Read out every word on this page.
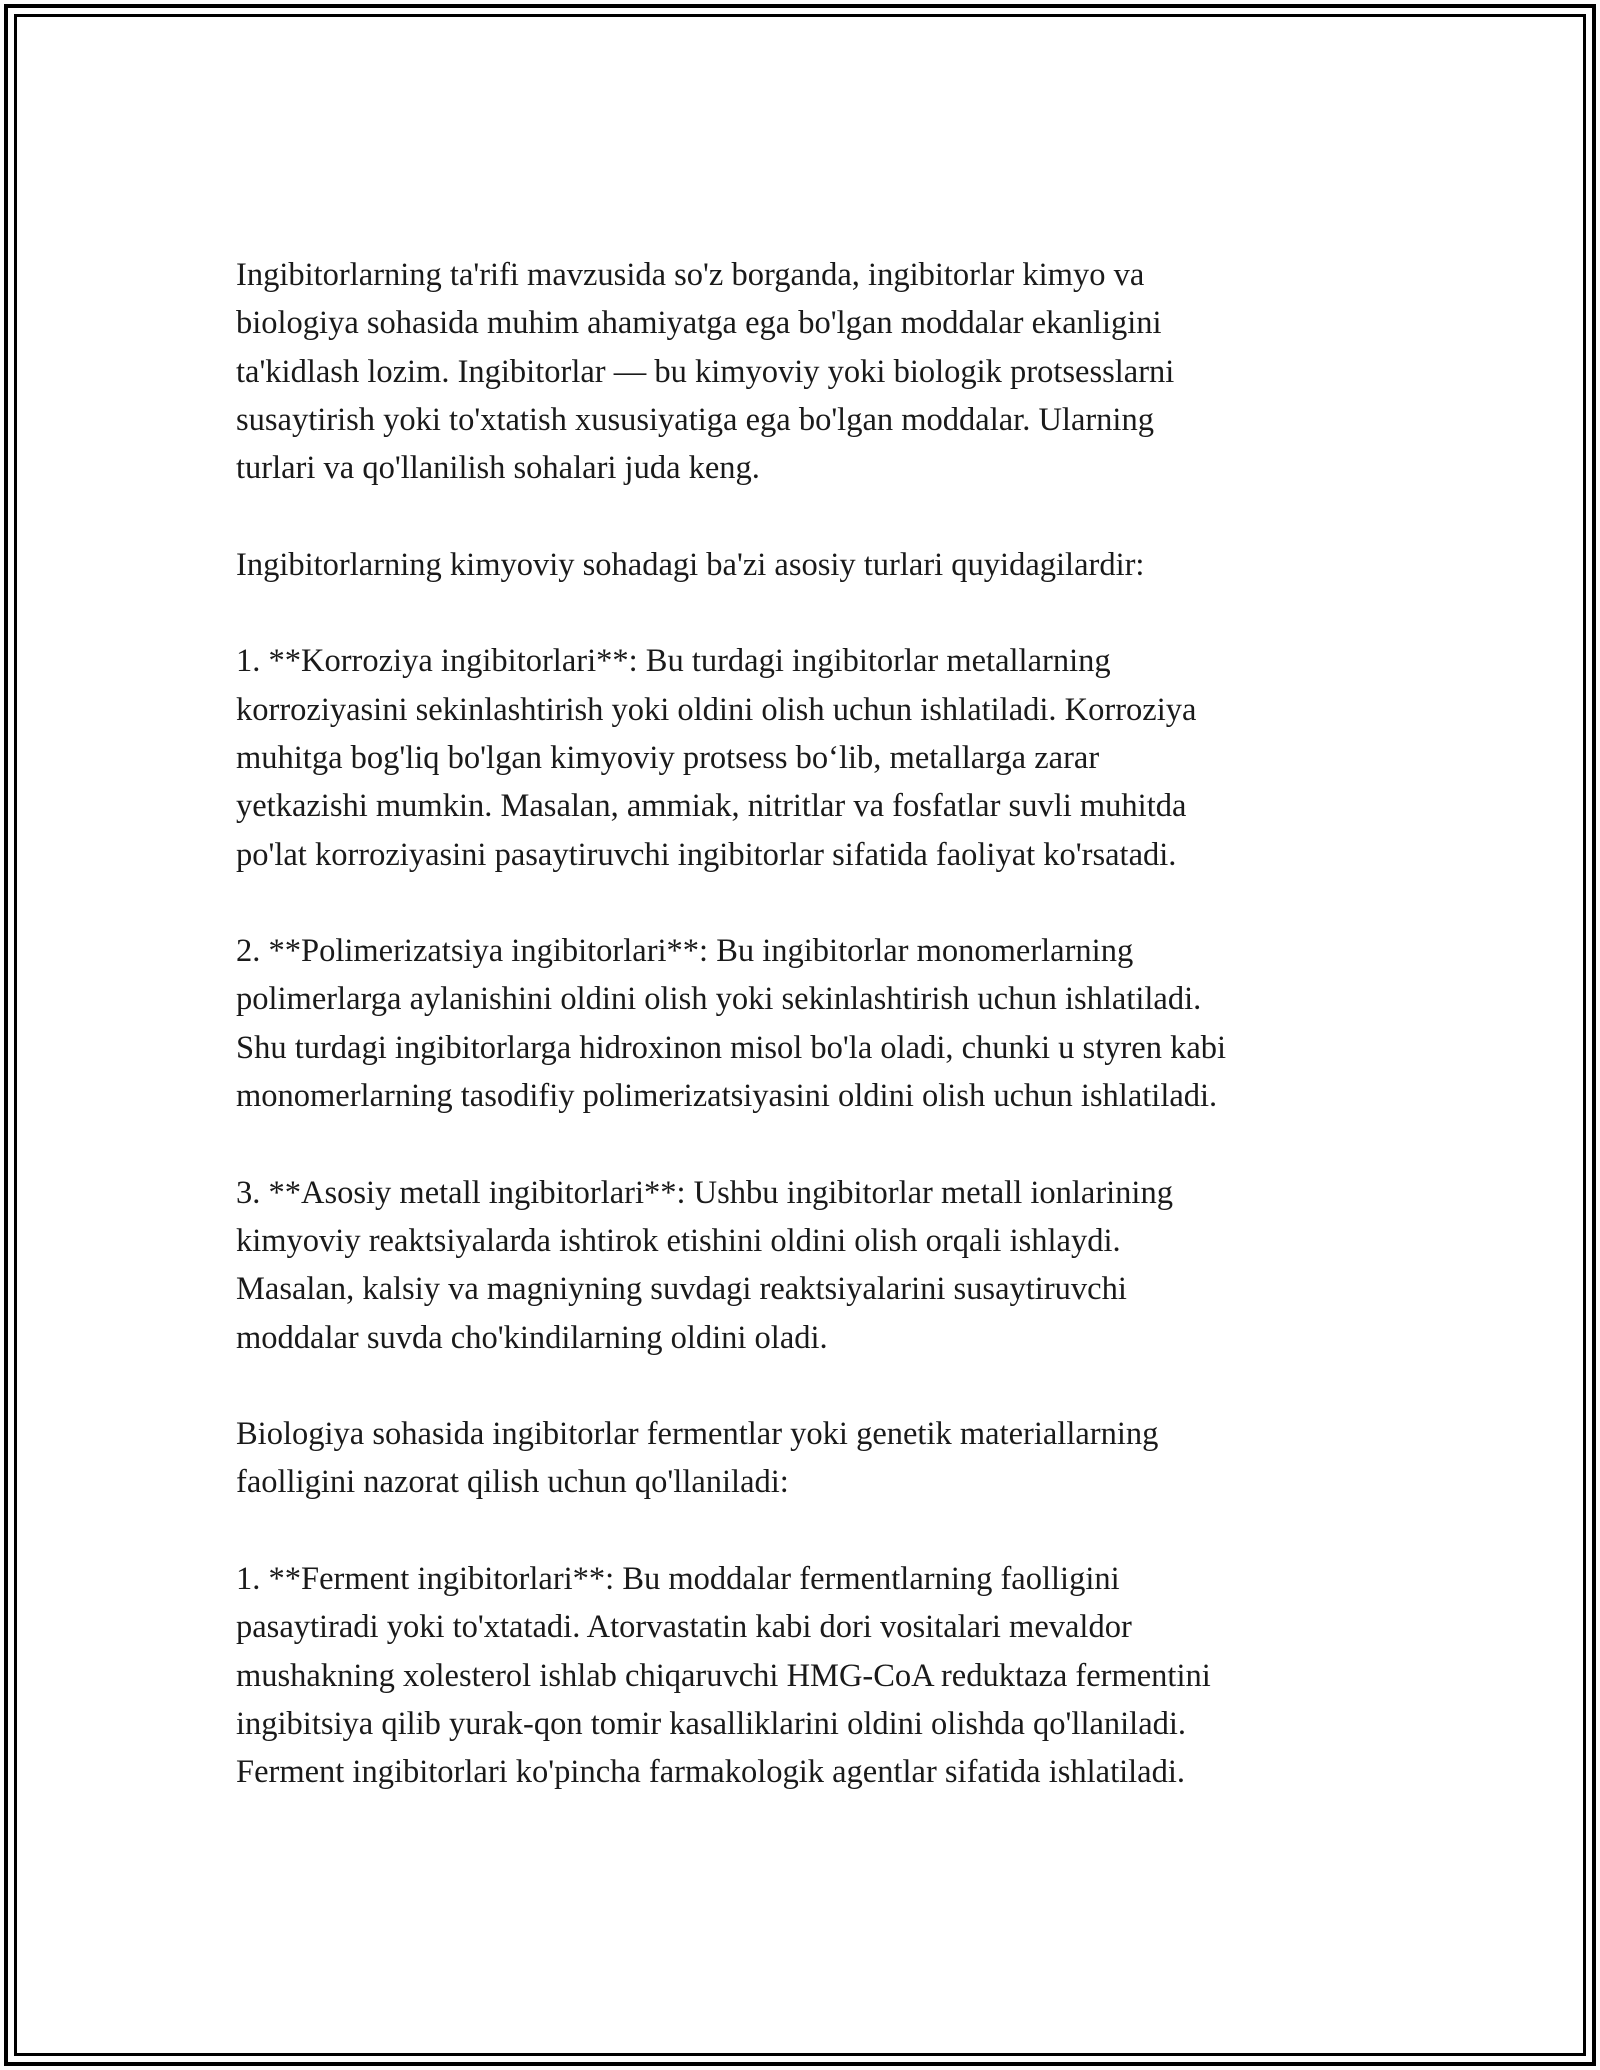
Ingibitorlarning ta'rifi mavzusida so'z borganda, ingibitorlar kimyo va
biologiya sohasida muhim ahamiyatga ega bo'lgan moddalar ekanligini
ta'kidlash lozim. Ingibitorlar — bu kimyoviy yoki biologik protsesslarni
susaytirish yoki to'xtatish xususiyatiga ega bo'lgan moddalar. Ularning
turlari va qo'llanilish sohalari juda keng.

Ingibitorlarning kimyoviy sohadagi ba'zi asosiy turlari quyidagilardir:

1. **Korroziya ingibitorlari**: Bu turdagi ingibitorlar metallarning
korroziyasini sekinlashtirish yoki oldini olish uchun ishlatiladi. Korroziya
muhitga bog'liq bo'lgan kimyoviy protsess bo‘lib, metallarga zarar
yetkazishi mumkin. Masalan, ammiak, nitritlar va fosfatlar suvli muhitda
po'lat korroziyasini pasaytiruvchi ingibitorlar sifatida faoliyat ko'rsatadi.

2. **Polimerizatsiya ingibitorlari**: Bu ingibitorlar monomerlarning
polimerlarga aylanishini oldini olish yoki sekinlashtirish uchun ishlatiladi.
Shu turdagi ingibitorlarga hidroxinon misol bo'la oladi, chunki u styren kabi
monomerlarning tasodifiy polimerizatsiyasini oldini olish uchun ishlatiladi.

3. **Asosiy metall ingibitorlari**: Ushbu ingibitorlar metall ionlarining
kimyoviy reaktsiyalarda ishtirok etishini oldini olish orqali ishlaydi.
Masalan, kalsiy va magniyning suvdagi reaktsiyalarini susaytiruvchi
moddalar suvda cho'kindilarning oldini oladi.

Biologiya sohasida ingibitorlar fermentlar yoki genetik materiallarning
faolligini nazorat qilish uchun qo'llaniladi:

1. **Ferment ingibitorlari**: Bu moddalar fermentlarning faolligini
pasaytiradi yoki to'xtatadi. Atorvastatin kabi dori vositalari mevaldor
mushakning xolesterol ishlab chiqaruvchi HMG-CoA reduktaza fermentini
ingibitsiya qilib yurak-qon tomir kasalliklarini oldini olishda qo'llaniladi.
Ferment ingibitorlari ko'pincha farmakologik agentlar sifatida ishlatiladi.
